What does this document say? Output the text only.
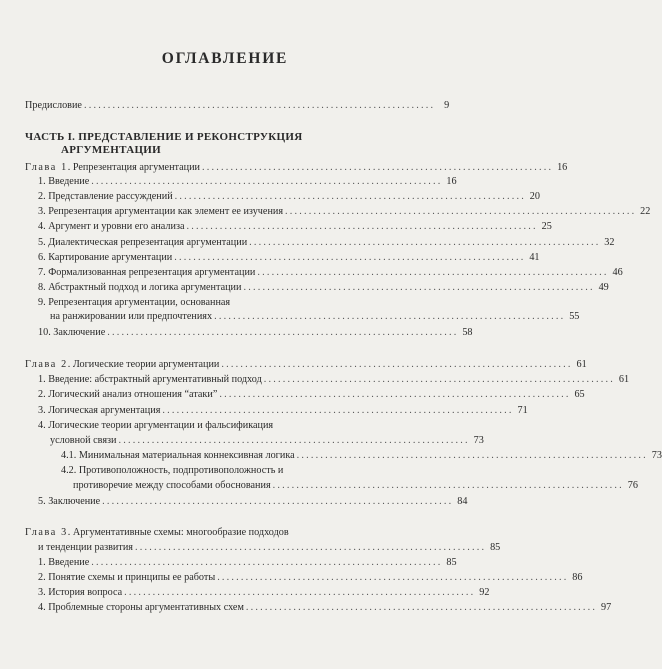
ОГЛАВЛЕНИЕ
Предисловие .......................................................................... 9
ЧАСТЬ I. ПРЕДСТАВЛЕНИЕ И РЕКОНСТРУКЦИЯ
АРГУМЕНТАЦИИ
Глава 1. Репрезентация аргументации .......................................................................... 16
1. Введение .......................................................................... 16
2. Представление рассуждений .......................................................................... 20
3. Репрезентация аргументации как элемент ее изучения .......................................................................... 22
4. Аргумент и уровни его анализа .......................................................................... 25
5. Диалектическая репрезентация аргументации .......................................................................... 32
6. Картирование аргументации .......................................................................... 41
7. Формализованная репрезентация аргументации .......................................................................... 46
8. Абстрактный подход и логика аргументации .......................................................................... 49
9. Репрезентация аргументации, основанная
на ранжировании или предпочтениях .......................................................................... 55
10. Заключение .......................................................................... 58
Глава 2. Логические теории аргументации .......................................................................... 61
1. Введение: абстрактный аргументативный подход .......................................................................... 61
2. Логический анализ отношения “атаки” .......................................................................... 65
3. Логическая аргументация .......................................................................... 71
4. Логические теории аргументации и фальсификация
условной связи .......................................................................... 73
4.1. Минимальная материальная коннексивная логика .......................................................................... 73
4.2. Противоположность, подпротивоположность и
противоречие между способами обоснования .......................................................................... 76
5. Заключение .......................................................................... 84
Глава 3. Аргументативные схемы: многообразие подходов
и тенденции развития .......................................................................... 85
1. Введение .......................................................................... 85
2. Понятие схемы и принципы ее работы .......................................................................... 86
3. История вопроса .......................................................................... 92
4. Проблемные стороны аргументативных схем .......................................................................... 97
